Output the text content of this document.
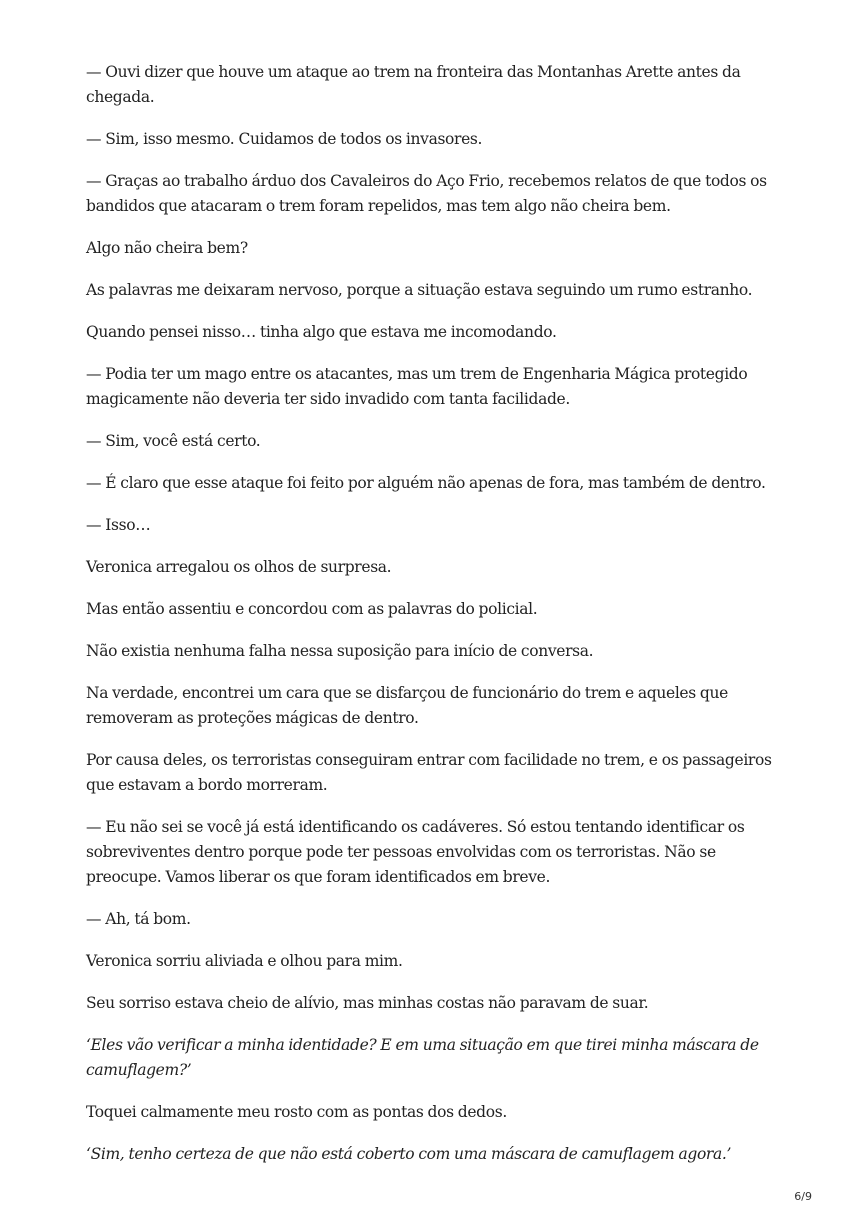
— Ouvi dizer que houve um ataque ao trem na fronteira das Montanhas Arette antes da chegada.

— Sim, isso mesmo. Cuidamos de todos os invasores.

— Graças ao trabalho árduo dos Cavaleiros do Aço Frio, recebemos relatos de que todos os bandidos que atacaram o trem foram repelidos, mas tem algo não cheira bem.

Algo não cheira bem?

As palavras me deixaram nervoso, porque a situação estava seguindo um rumo estranho.

Quando pensei nisso… tinha algo que estava me incomodando.

— Podia ter um mago entre os atacantes, mas um trem de Engenharia Mágica protegido magicamente não deveria ter sido invadido com tanta facilidade.

— Sim, você está certo.

— É claro que esse ataque foi feito por alguém não apenas de fora, mas também de dentro.

— Isso…

Veronica arregalou os olhos de surpresa.

Mas então assentiu e concordou com as palavras do policial.

Não existia nenhuma falha nessa suposição para início de conversa.

Na verdade, encontrei um cara que se disfarçou de funcionário do trem e aqueles que removeram as proteções mágicas de dentro.

Por causa deles, os terroristas conseguiram entrar com facilidade no trem, e os passageiros que estavam a bordo morreram.

— Eu não sei se você já está identificando os cadáveres. Só estou tentando identificar os sobreviventes dentro porque pode ter pessoas envolvidas com os terroristas. Não se preocupe. Vamos liberar os que foram identificados em breve.

— Ah, tá bom.

Veronica sorriu aliviada e olhou para mim.

Seu sorriso estava cheio de alívio, mas minhas costas não paravam de suar.

‘Eles vão verificar a minha identidade? E em uma situação em que tirei minha máscara de camuflagem?’

Toquei calmamente meu rosto com as pontas dos dedos.

‘Sim, tenho certeza de que não está coberto com uma máscara de camuflagem agora.’

6/9
